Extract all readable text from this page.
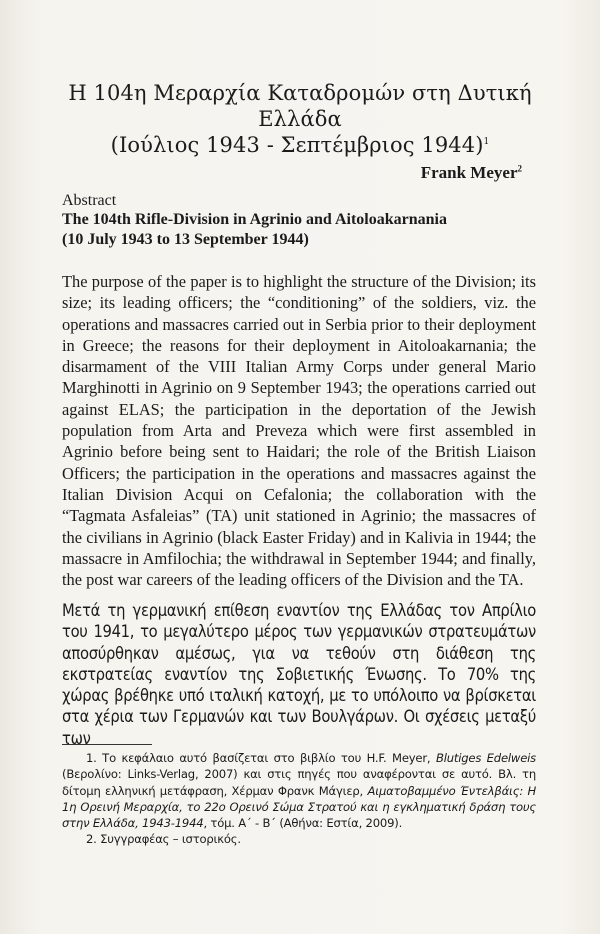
Η 104η Μεραρχία Καταδρομών στη Δυτική Ελλάδα
(Ιούλιος 1943 - Σεπτέμβριος 1944)$^1$
Frank Meyer$^2$
Abstract
The 104th Rifle-Division in Agrinio and Aitoloakarnania
(10 July 1943 to 13 September 1944)
The purpose of the paper is to highlight the structure of the Division; its size; its leading officers; the “conditioning” of the soldiers, viz. the operations and massacres carried out in Serbia prior to their deployment in Greece; the reasons for their deployment in Aitoloakarnania; the disarmament of the VIII Italian Army Corps under general Mario Marghinotti in Agrinio on 9 September 1943; the operations carried out against ELAS; the participation in the deportation of the Jewish population from Arta and Preveza which were first assembled in Agrinio before being sent to Haidari; the role of the British Liaison Officers; the participation in the operations and massacres against the Italian Division Acqui on Cefalonia; the collaboration with the “Tagmata Asfaleias” (TA) unit stationed in Agrinio; the massacres of the civilians in Agrinio (black Easter Friday) and in Kalivia in 1944; the massacre in Amfilochia; the withdrawal in September 1944; and finally, the post war careers of the leading officers of the Division and the TA.
Μετά τη γερμανική επίθεση εναντίον της Ελλάδας τον Απρίλιο του 1941, το μεγαλύτερο μέρος των γερμανικών στρατευμάτων αποσύρθηκαν αμέσως, για να τεθούν στη διάθεση της εκστρατείας εναντίον της Σοβιετικής Ένωσης. Το 70% της χώρας βρέθηκε υπό ιταλική κατοχή, με το υπόλοιπο να βρίσκεται στα χέρια των Γερμανών και των Βουλγάρων. Οι σχέσεις μεταξύ των

1. Το κεφάλαιο αυτό βασίζεται στο βιβλίο του H.F. Meyer, Blutiges Edelweis (Βερολίνο: Links-Verlag, 2007) και στις πηγές που αναφέρονται σε αυτό. Βλ. τη δίτομη ελληνική μετάφραση, Χέρμαν Φρανκ Μάγιερ, Αιματοβαμμένο Έντελβάις: Η 1η Ορεινή Μεραρχία, το 22ο Ορεινό Σώμα Στρατού και η εγκληματική δράση τους στην Ελλάδα, 1943-1944, τόμ. Α΄ - Β΄ (Αθήνα: Εστία, 2009).

2. Συγγραφέας – ιστορικός.
